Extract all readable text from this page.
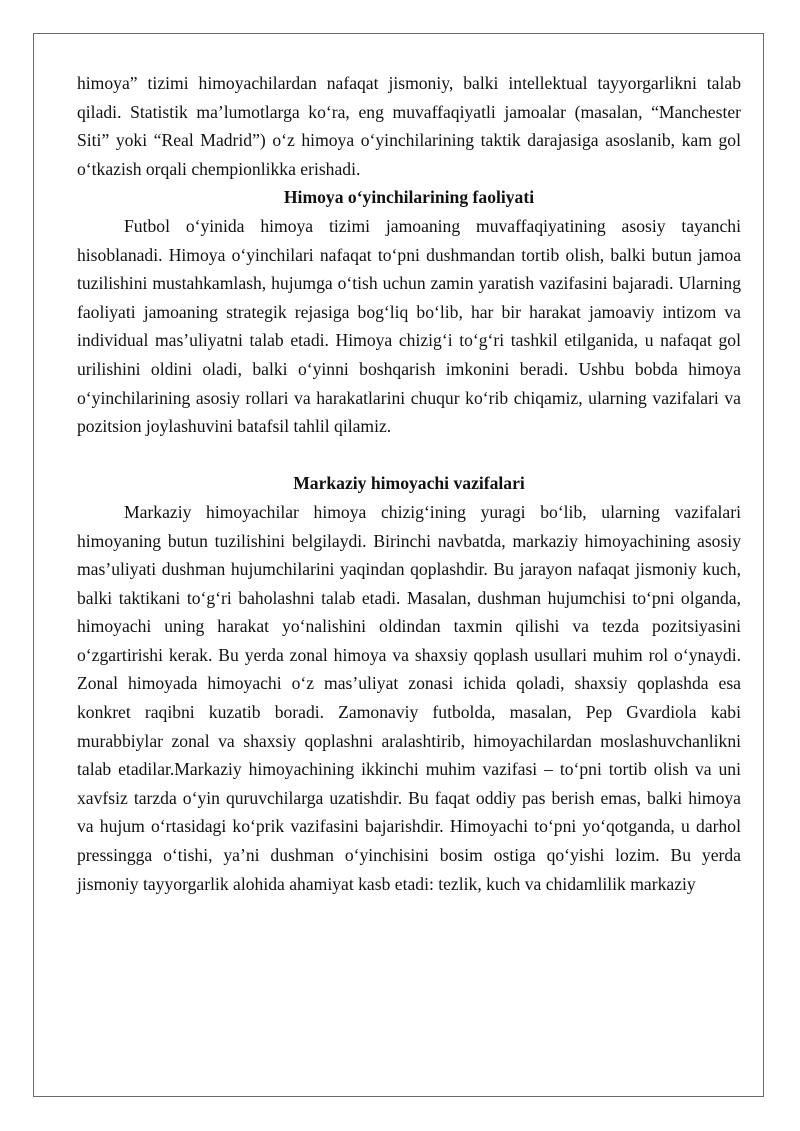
himoya” tizimi himoyachilardan nafaqat jismoniy, balki intellektual tayyorgarlikni talab qiladi. Statistik ma’lumotlarga ko‘ra, eng muvaffaqiyatli jamoalar (masalan, “Manchester Siti” yoki “Real Madrid”) o‘z himoya o‘yinchilarining taktik darajasiga asoslanib, kam gol o‘tkazish orqali chempionlikka erishadi.

Himoya o‘yinchilarining faoliyati

Futbol o‘yinida himoya tizimi jamoaning muvaffaqiyatining asosiy tayanchi hisoblanadi. Himoya o‘yinchilari nafaqat to‘pni dushmandan tortib olish, balki butun jamoa tuzilishini mustahkamlash, hujumga o‘tish uchun zamin yaratish vazifasini bajaradi. Ularning faoliyati jamoaning strategik rejasiga bog‘liq bo‘lib, har bir harakat jamoaviy intizom va individual mas’uliyatni talab etadi. Himoya chizig‘i to‘g‘ri tashkil etilganida, u nafaqat gol urilishini oldini oladi, balki o‘yinni boshqarish imkonini beradi. Ushbu bobda himoya o‘yinchilarining asosiy rollari va harakatlarini chuqur ko‘rib chiqamiz, ularning vazifalari va pozitsion joylashuvini batafsil tahlil qilamiz.

Markaziy himoyachi vazifalari

Markaziy himoyachilar himoya chizig‘ining yuragi bo‘lib, ularning vazifalari himoyaning butun tuzilishini belgilaydi. Birinchi navbatda, markaziy himoyachining asosiy mas’uliyati dushman hujumchilarini yaqindan qoplashdir. Bu jarayon nafaqat jismoniy kuch, balki taktikani to‘g‘ri baholashni talab etadi. Masalan, dushman hujumchisi to‘pni olganda, himoyachi uning harakat yo‘nalishini oldindan taxmin qilishi va tezda pozitsiyasini o‘zgartirishi kerak. Bu yerda zonal himoya va shaxsiy qoplash usullari muhim rol o‘ynaydi. Zonal himoyada himoyachi o‘z mas’uliyat zonasi ichida qoladi, shaxsiy qoplashda esa konkret raqibni kuzatib boradi. Zamonaviy futbolda, masalan, Pep Gvardiola kabi murabbiylar zonal va shaxsiy qoplashni aralashtirib, himoyachilardan moslashuvchanlikni talab etadilar.Markaziy himoyachining ikkinchi muhim vazifasi – to‘pni tortib olish va uni xavfsiz tarzda o‘yin quruvchilarga uzatishdir. Bu faqat oddiy pas berish emas, balki himoya va hujum o‘rtasidagi ko‘prik vazifasini bajarishdir. Himoyachi to‘pni yo‘qotganda, u darhol pressingga o‘tishi, ya’ni dushman o‘yinchisini bosim ostiga qo‘yishi lozim. Bu yerda jismoniy tayyorgarlik alohida ahamiyat kasb etadi: tezlik, kuch va chidamlilik markaziy
